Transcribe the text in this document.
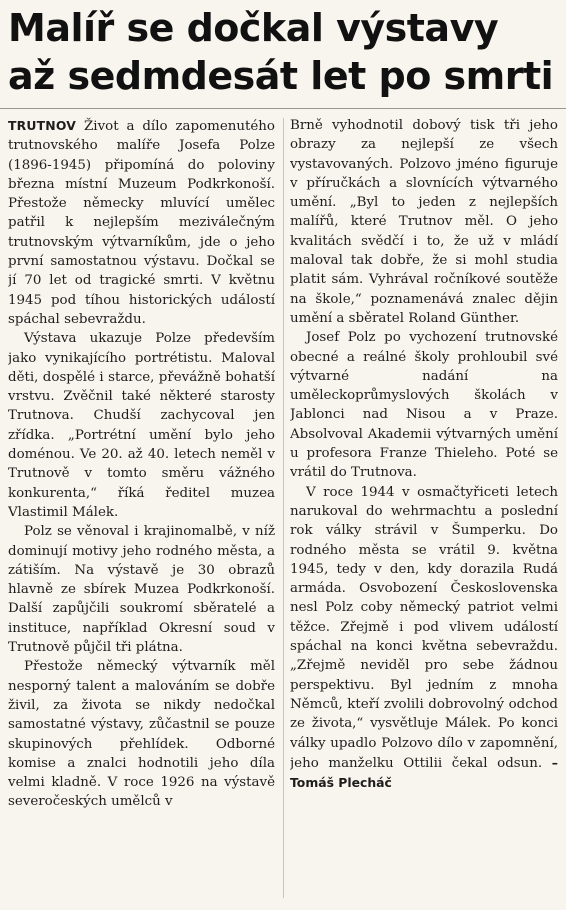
Malíř se dočkal výstavy
až sedmdesát let po smrti

TRUTNOV Život a dílo zapomenutého trutnovského malíře Josefa Polze (1896-1945) připomíná do poloviny března místní Muzeum Podkrkonoší. Přestože německy mluvící umělec patřil k nejlepším meziválečným trutnovským výtvarníkům, jde o jeho první samostatnou výstavu. Dočkal se jí 70 let od tragické smrti. V květnu 1945 pod tíhou historických událostí spáchal sebevraždu.

Výstava ukazuje Polze především jako vynikajícího portrétistu. Maloval děti, dospělé i starce, převážně bohatší vrstvu. Zvěčnil také některé starosty Trutnova. Chudší zachycoval jen zřídka. „Portrétní umění bylo jeho doménou. Ve 20. až 40. letech neměl v Trutnově v tomto směru vážného konkurenta,“ říká ředitel muzea Vlastimil Málek.

Polz se věnoval i krajinomalbě, v níž dominují motivy jeho rodného města, a zátiším. Na výstavě je 30 obrazů hlavně ze sbírek Muzea Podkrkonoší. Další zapůjčili soukromí sběratelé a instituce, například Okresní soud v Trutnově půjčil tři plátna.

Přestože německý výtvarník měl nesporný talent a malováním se dobře živil, za života se nikdy nedočkal samostatné výstavy, zůčastnil se pouze skupinových přehlídek. Odborné komise a znalci hodnotili jeho díla velmi kladně. V roce 1926 na výstavě severočeských umělců v

Brně vyhodnotil dobový tisk tři jeho obrazy za nejlepší ze všech vystavovaných. Polzovo jméno figuruje v příručkách a slovnících výtvarného umění. „Byl to jeden z nejlepších malířů, které Trutnov měl. O jeho kvalitách svědčí i to, že už v mládí maloval tak dobře, že si mohl studia platit sám. Vyhrával ročníkové soutěže na škole,“ poznamenává znalec dějin umění a sběratel Roland Günther.

Josef Polz po vychození trutnovské obecné a reálné školy prohloubil své výtvarné nadání na uměleckoprůmyslových školách v Jablonci nad Nisou a v Praze. Absolvoval Akademii výtvarných umění u profesora Franze Thieleho. Poté se vrátil do Trutnova.

V roce 1944 v osmačtyřiceti letech narukoval do wehrmachtu a poslední rok války strávil v Šumperku. Do rodného města se vrátil 9. května 1945, tedy v den, kdy dorazila Rudá armáda. Osvobození Československa nesl Polz coby německý patriot velmi těžce. Zřejmě i pod vlivem událostí spáchal na konci května sebevraždu. „Zřejmě neviděl pro sebe žádnou perspektivu. Byl jedním z mnoha Němců, kteří zvolili dobrovolný odchod ze života,“ vysvětluje Málek. Po konci války upadlo Polzovo dílo v zapomnění, jeho manželku Ottilii čekal odsun. – Tomáš Plecháč
